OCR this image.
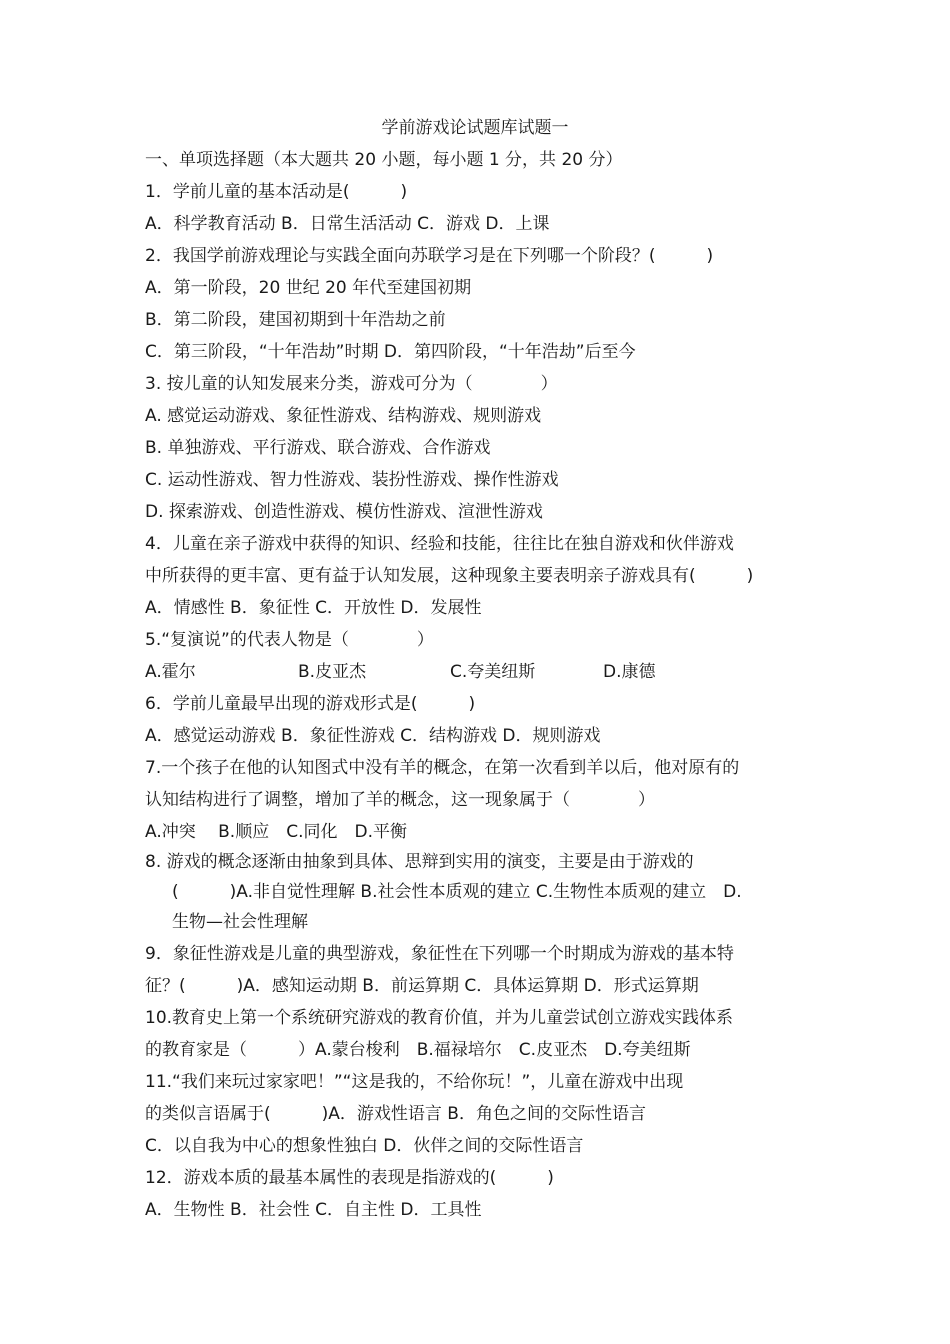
学前游戏论试题库试题一
一、单项选择题（本大题共 20 小题，每小题 1 分，共 20 分）
1．学前儿童的基本活动是(　　　)
A．科学教育活动 B．日常生活活动 C．游戏 D．上课
2．我国学前游戏理论与实践全面向苏联学习是在下列哪一个阶段？(　　　)
A．第一阶段，20 世纪 20 年代至建国初期
B．第二阶段，建国初期到十年浩劫之前
C．第三阶段，“十年浩劫”时期 D．第四阶段，“十年浩劫”后至今
3. 按儿童的认知发展来分类，游戏可分为（　　　　）
A. 感觉运动游戏、象征性游戏、结构游戏、规则游戏
B. 单独游戏、平行游戏、联合游戏、合作游戏
C. 运动性游戏、智力性游戏、装扮性游戏、操作性游戏
D. 探索游戏、创造性游戏、模仿性游戏、渲泄性游戏
4．儿童在亲子游戏中获得的知识、经验和技能，往往比在独自游戏和伙伴游戏
中所获得的更丰富、更有益于认知发展，这种现象主要表明亲子游戏具有(　　　)
A．情感性 B．象征性 C．开放性 D．发展性
5.“复演说”的代表人物是（　　　　）
A.霍尔	B.皮亚杰	C.夸美纽斯	D.康德
6．学前儿童最早出现的游戏形式是(　　　)
A．感觉运动游戏 B．象征性游戏 C．结构游戏 D．规则游戏
7.一个孩子在他的认知图式中没有羊的概念，在第一次看到羊以后，他对原有的
认知结构进行了调整，增加了羊的概念，这一现象属于（　　　　）
A.冲突　 B.顺应　C.同化　D.平衡
8. 游戏的概念逐渐由抽象到具体、思辩到实用的演变，主要是由于游戏的
(　　　)A.非自觉性理解 B.社会性本质观的建立 C.生物性本质观的建立　D.
生物—社会性理解
9．象征性游戏是儿童的典型游戏，象征性在下列哪一个时期成为游戏的基本特
征？(　　　)A．感知运动期 B．前运算期 C．具体运算期 D．形式运算期
10.教育史上第一个系统研究游戏的教育价值，并为儿童尝试创立游戏实践体系
的教育家是（　　　）A.蒙台梭利　B.福禄培尔　C.皮亚杰　D.夸美纽斯
11.“我们来玩过家家吧！”“这是我的，不给你玩！”，儿童在游戏中出现
的类似言语属于(　　　)A．游戏性语言 B．角色之间的交际性语言
C．以自我为中心的想象性独白 D．伙伴之间的交际性语言
12．游戏本质的最基本属性的表现是指游戏的(　　　)
A．生物性 B．社会性 C．自主性 D．工具性
